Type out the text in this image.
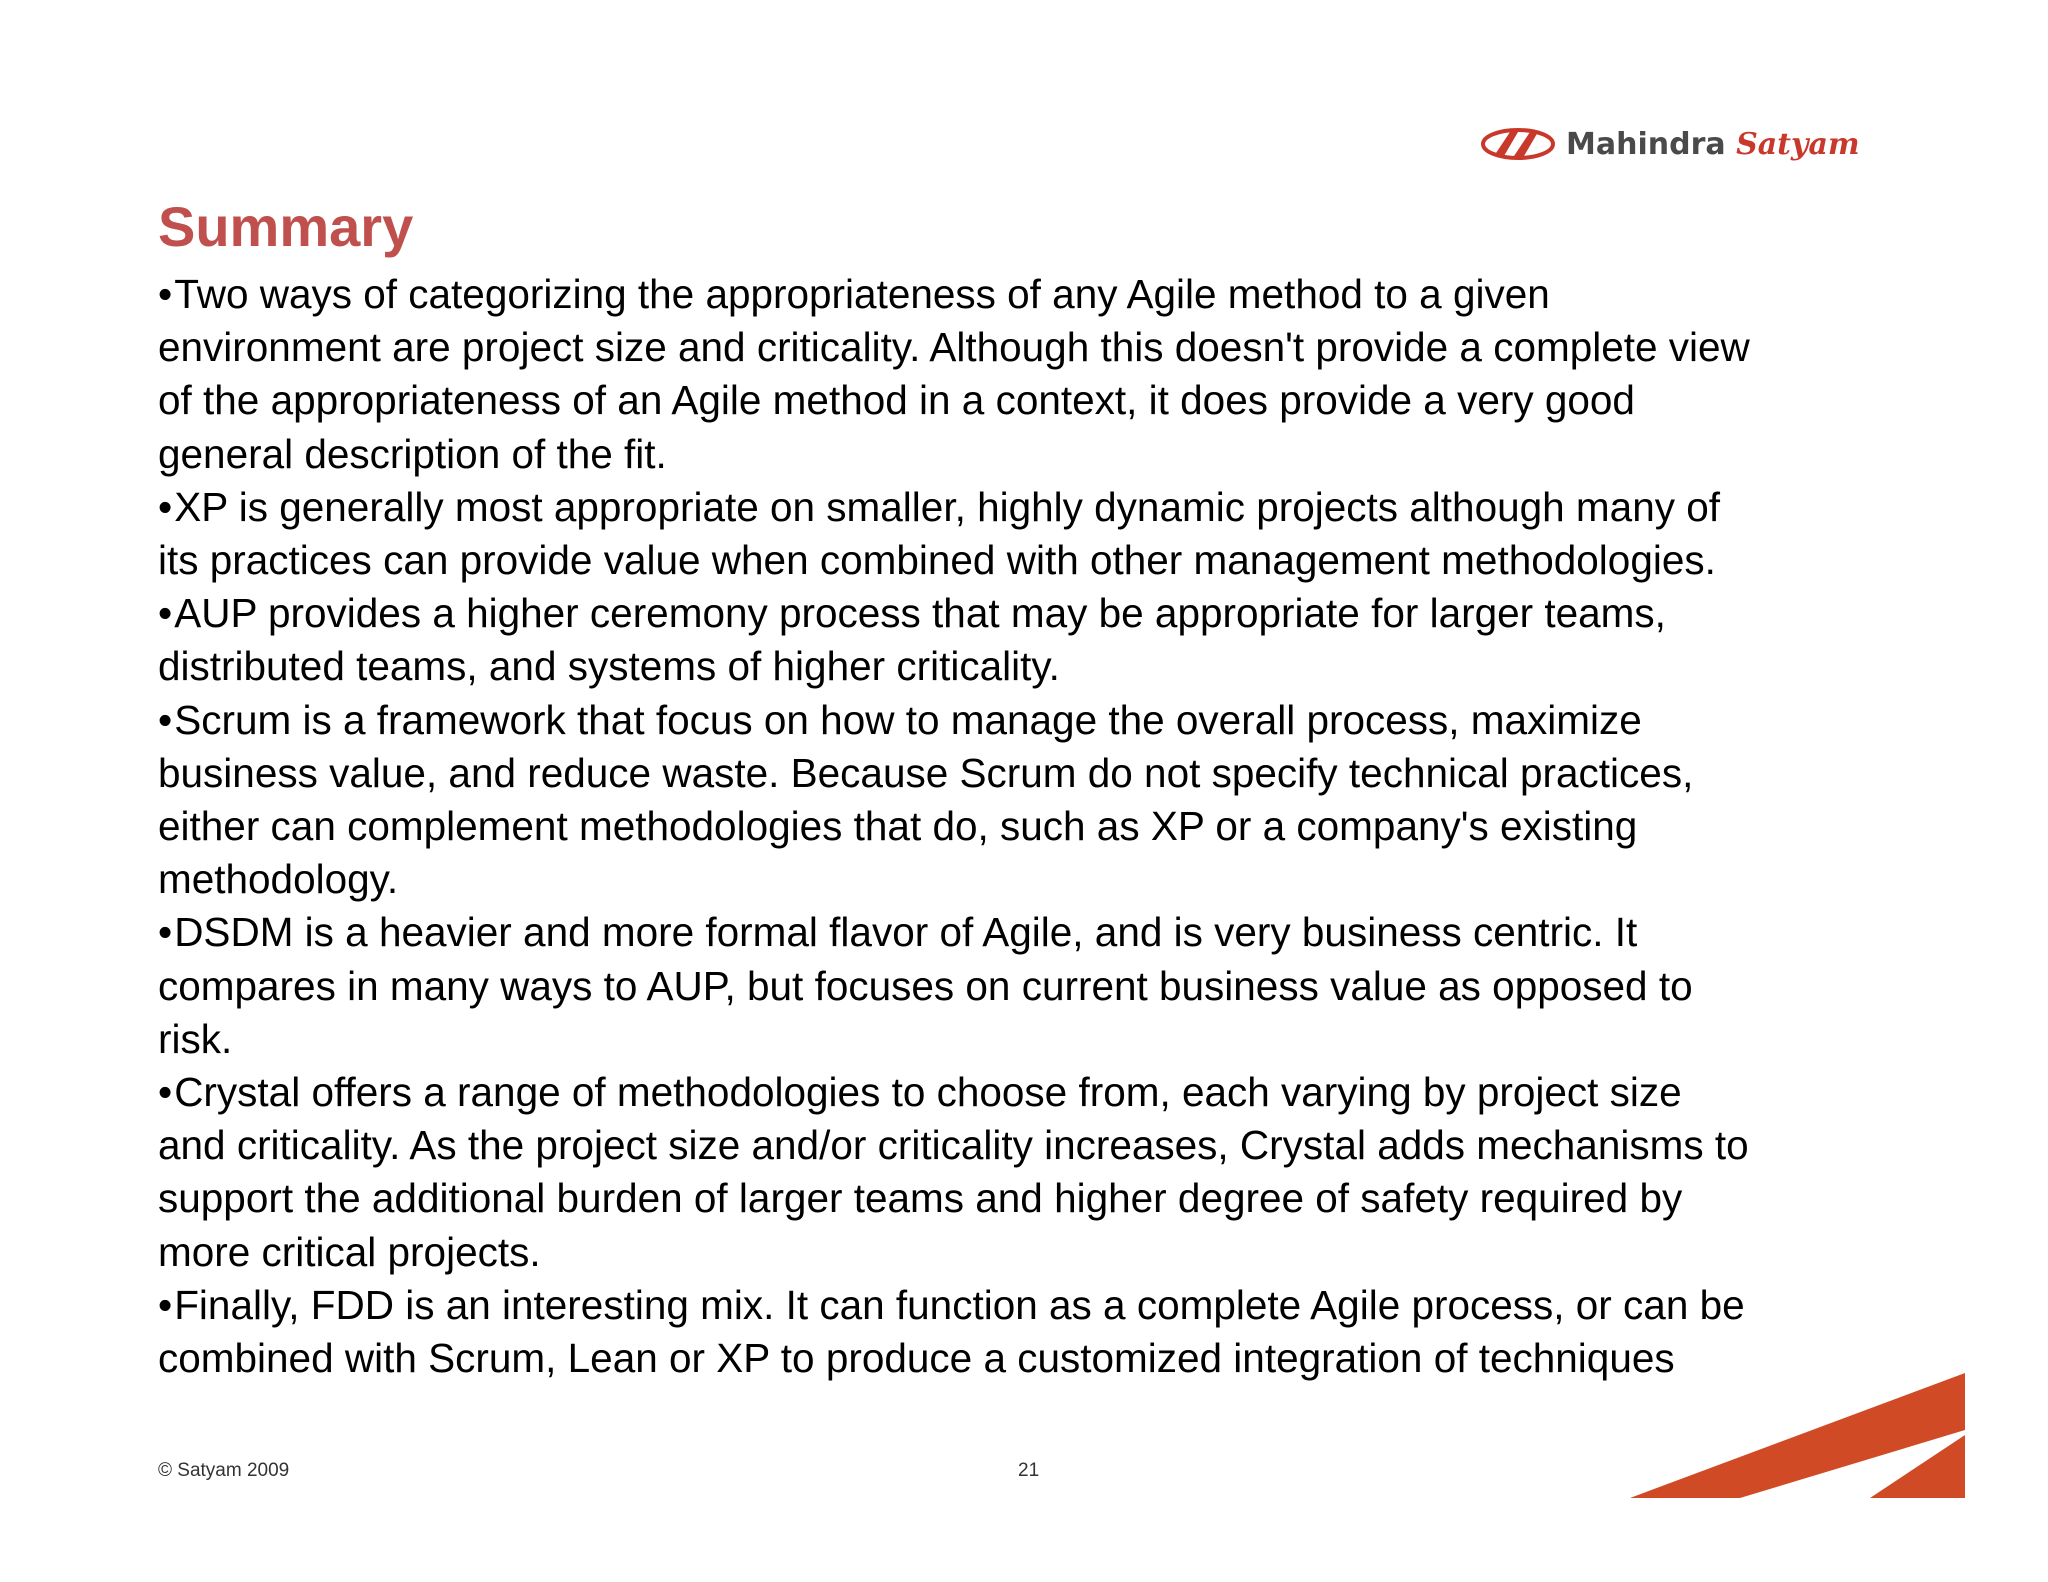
Mahindra Satyam
Summary
•Two ways of categorizing the appropriateness of any Agile method to a given
environment are project size and criticality. Although this doesn't provide a complete view
of the appropriateness of an Agile method in a context, it does provide a very good
general description of the fit.
•XP is generally most appropriate on smaller, highly dynamic projects although many of
its practices can provide value when combined with other management methodologies.
•AUP provides a higher ceremony process that may be appropriate for larger teams,
distributed teams, and systems of higher criticality.
•Scrum is a framework that focus on how to manage the overall process, maximize
business value, and reduce waste. Because Scrum do not specify technical practices,
either can complement methodologies that do, such as XP or a company's existing
methodology.
•DSDM is a heavier and more formal flavor of Agile, and is very business centric. It
compares in many ways to AUP, but focuses on current business value as opposed to
risk.
•Crystal offers a range of methodologies to choose from, each varying by project size
and criticality. As the project size and/or criticality increases, Crystal adds mechanisms to
support the additional burden of larger teams and higher degree of safety required by
more critical projects.
•Finally, FDD is an interesting mix. It can function as a complete Agile process, or can be
combined with Scrum, Lean or XP to produce a customized integration of techniques
© Satyam 2009	21
